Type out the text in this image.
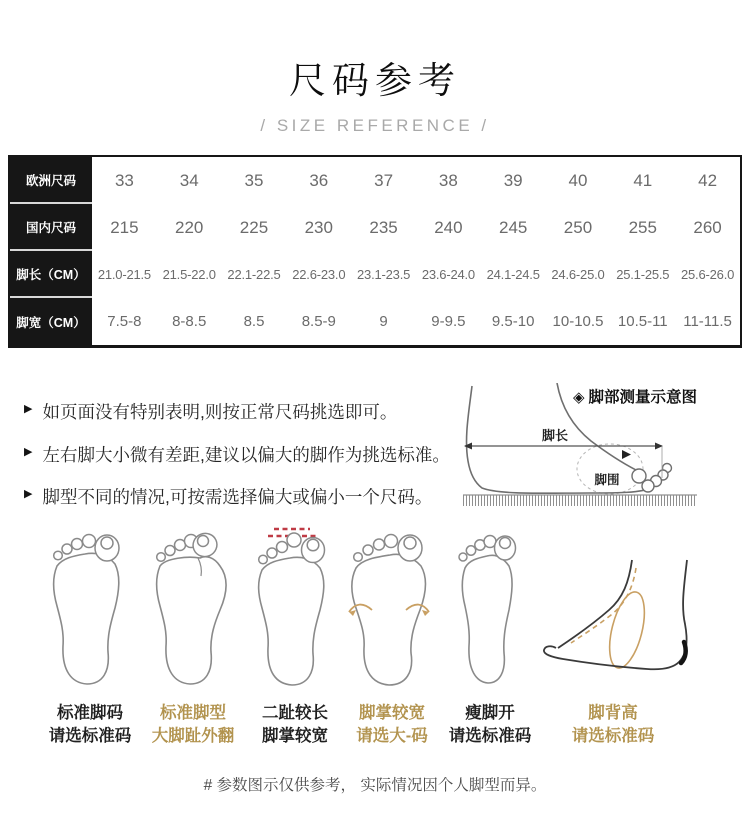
尺码参考
/ SIZE REFERENCE /
欧洲尺码	33	34	35	36	37	38	39	40	41	42
国内尺码	215	220	225	230	235	240	245	250	255	260
脚长（CM） 21.0-21.5 21.5-22.0 22.1-22.5 22.6-23.0 23.1-23.5 23.6-24.0 24.1-24.5 24.6-25.0 25.1-25.5 25.6-26.0
脚宽（CM）	7.5-8	8-8.5	8.5	8.5-9	9	9-9.5	9.5-10	10-10.5 10.5-11	11-11.5
▶ 如页面没有特别表明,则按正常尺码挑选即可。
▶ 左右脚大小微有差距,建议以偏大的脚作为挑选标准。
▶ 脚型不同的情况,可按需选择偏大或偏小一个尺码。
◈ 脚部测量示意图
脚长
脚围
标准脚码
请选标准码
标准脚型
大脚趾外翻
二趾较长
脚掌较宽
脚掌较宽
请选大-码
瘦脚开
请选标准码
脚背高
请选标准码
# 参数图示仅供参考， 实际情况因个人脚型而异。
